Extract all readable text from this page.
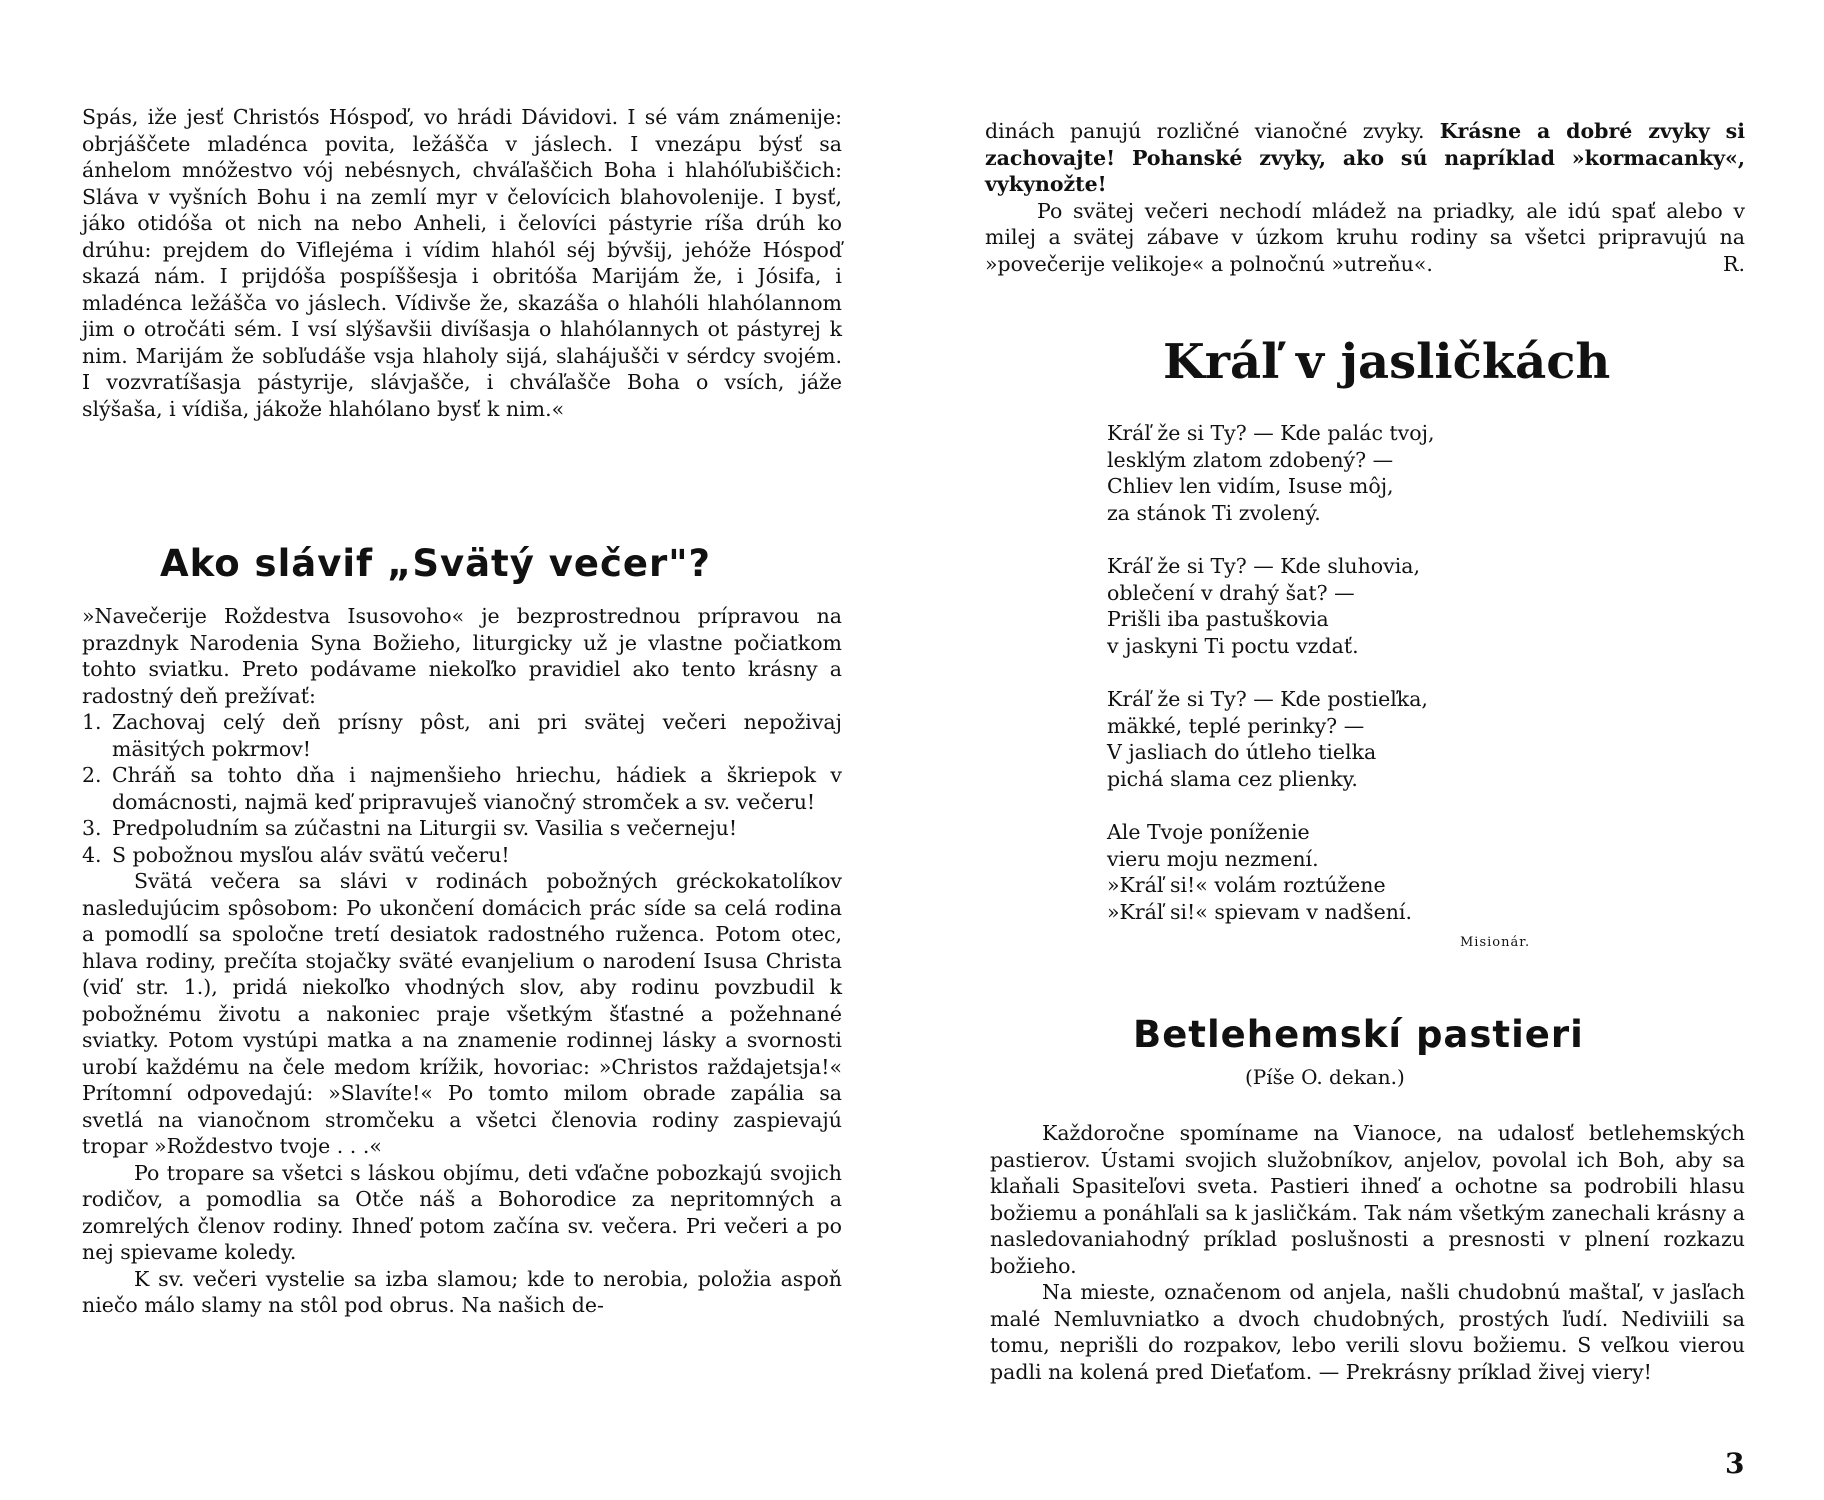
Spás, iže jesť Christós Hóspoď, vo hrádi Dávidovi. I sé vám známenije: obrjáščete mladénca povita, ležášča v jáslech. I vnezápu býsť sa ánhelom mnóžestvo vój nebésnych, chváľaščich Boha i hlahóľubiščich: Sláva v vyšních Bohu i na zemlí myr v čelovícich blahovolenije. I bysť, jáko otidóša ot nich na nebo Anheli, i čelovíci pástyrie ríša drúh ko drúhu: prejdem do Viflejéma i vídim hlahól séj bývšij, jehóže Hóspoď skazá nám. I prijdóša pospíššesja i obritóša Marijám že, i Jósifa, i mladénca ležášča vo jáslech. Vídivše že, skazáša o hlahóli hlahólannom jim o otročáti sém. I vsí slýšavšii divíšasja o hlahólannych ot pástyrej k nim. Marijám že sobľudáše vsja hlaholy sijá, slahájušči v sérdcy svojém. I vozvratíšasja pástyrije, slávjašče, i chváľašče Boha o vsích, jáže slýšaša, i vídiša, jákože hlahólano bysť k nim.«

Ako slávif „Svätý večer"?

»Navečerije Roždestva Isusovoho« je bezprostrednou prípravou na prazdnyk Narodenia Syna Božieho, liturgicky už je vlastne počiatkom tohto sviatku. Preto podávame niekoľko pravidiel ako tento krásny a radostný deň prežívať:

1. Zachovaj celý deň prísny pôst, ani pri svätej večeri nepoživaj mäsitých pokrmov!
2. Chráň sa tohto dňa i najmenšieho hriechu, hádiek a škriepok v domácnosti, najmä keď pripravuješ vianočný stromček a sv. večeru!
3. Predpoludním sa zúčastni na Liturgii sv. Vasilia s večerneju!
4. S pobožnou mysľou aláv svätú večeru!

Svätá večera sa slávi v rodinách pobožných gréckokatolíkov nasledujúcim spôsobom: Po ukončení domácich prác sídе sa celá rodina a pomodlí sa spoločne tretí desiatok radostného ruženca. Potom otec, hlava rodiny, prečíta stojačky sväté evanjelium o narodení Isusa Christa (viď str. 1.), pridá niekoľko vhodných slov, aby rodinu povzbudil k pobožnému životu a nakoniec praje všetkým šťastné a požehnané sviatky. Potom vystúpi matka a na znamenie rodinnej lásky a svornosti urobí každému na čele medom krížik, hovoriac: »Christos raždajetsja!« Prítomní odpovedajú: »Slavíte!« Po tomto milom obrade zapália sa svetlá na vianočnom stromčeku a všetci členovia rodiny zaspievajú tropar »Roždestvo tvoje . . .«

Po tropare sa všetci s láskou objímu, deti vďačne pobozkajú svojich rodičov, a pomodlia sa Otče náš a Bohorodice za nepritomných a zomrelých členov rodiny. Ihneď potom začína sv. večera. Pri večeri a po nej spievame koledy.

K sv. večeri vystelie sa izba slamou; kde to nerobia, položia aspoň niečo málo slamy na stôl pod obrus. Na našich de-

dinách panujú rozličné vianočné zvyky. Krásne a dobré zvyky si zachovajte! Pohanské zvyky, ako sú napríklad »kormacanky«, vykynožte!

Po svätej večeri nechodí mládež na priadky, ale idú spať alebo v milej a svätej zábave v úzkom kruhu rodiny sa všetci pripravujú na »povečerije velikoje« a polnočnú »utreňu«.	R.

Kráľ v jasličkách
Kráľ že si Ty? — Kde palác tvoj,
lesklým zlatom zdobený? —
Chliev len vidím, Isuse môj,
za stánok Ti zvolený.
Kráľ že si Ty? — Kde sluhovia,
oblečení v drahý šat? —
Prišli iba pastuškovia
v jaskyni Ti poctu vzdať.
Kráľ že si Ty? — Kde postieľka,
mäkké, teplé perinky? —
V jasliach do útleho tielka
pichá slama cez plienky.
Ale Tvoje poníženie
vieru moju nezmení.
»Kráľ si!« volám roztúžene
»Kráľ si!« spievam v nadšení.
Misionár.
Betlehemskí pastieri
(Píše O. dekan.)

Každoročne spomíname na Vianoce, na udalosť betlehemských pastierov. Ústami svojich služobníkov, anjelov, povolal ich Boh, aby sa klaňali Spasiteľovi sveta. Pastieri ihneď a ochotne sa podrobili hlasu božiemu a ponáhľali sa k jasličkám. Tak nám všetkým zanechali krásny a nasledovaniahodný príklad poslušnosti a presnosti v plnení rozkazu božieho.

Na mieste, označenom od anjela, našli chudobnú maštaľ, v jasľach malé Nemluvniatko a dvoch chudobných, prostých ľudí. Nediviili sa tomu, neprišli do rozpakov, lebo verili slovu božiemu. S veľkou vierou padli na kolená pred Dieťaťom. — Prekrásny príklad živej viery!

3
